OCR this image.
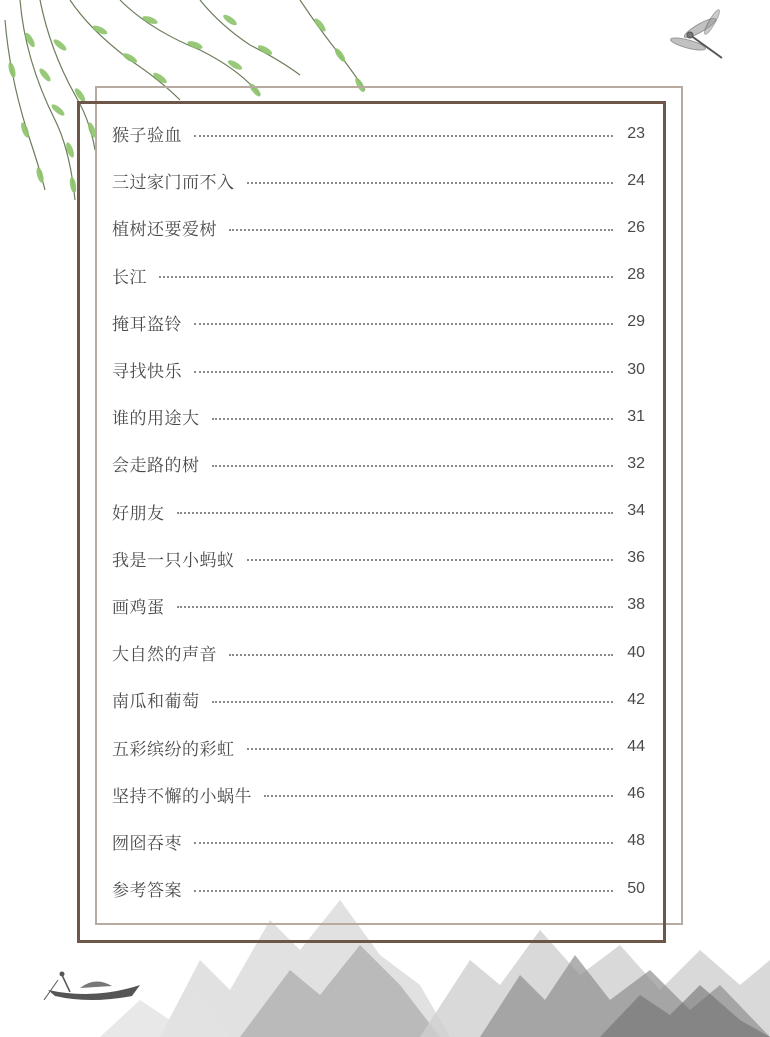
猴子验血	23
三过家门而不入	24
植树还要爱树	26
长江	28
掩耳盗铃	29
寻找快乐	30
谁的用途大	31
会走路的树	32
好朋友	34
我是一只小蚂蚁	36
画鸡蛋	38
大自然的声音	40
南瓜和葡萄	42
五彩缤纷的彩虹	44
坚持不懈的小蜗牛	46
囫囵吞枣	48
参考答案	50
